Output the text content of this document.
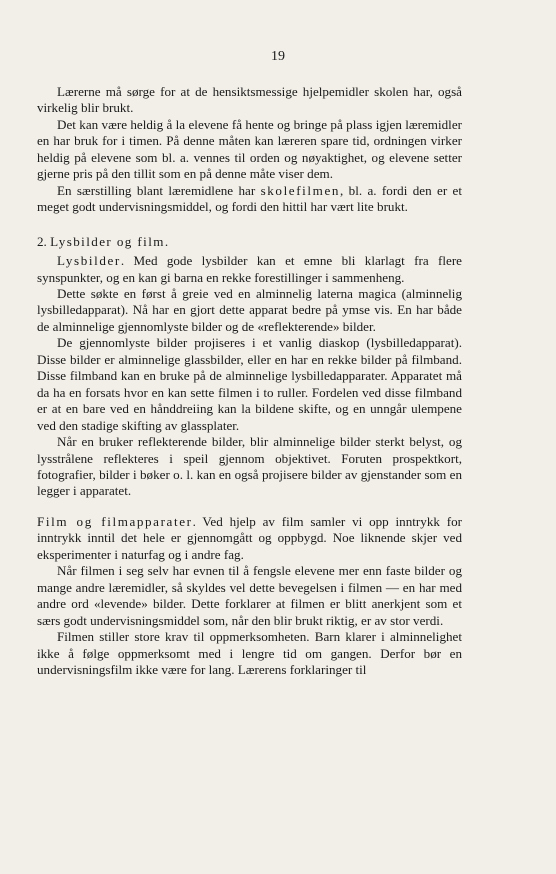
19

Lærerne må sørge for at de hensiktsmessige hjelpemidler skolen har, også virkelig blir brukt.

Det kan være heldig å la elevene få hente og bringe på plass igjen læremidler en har bruk for i timen. På denne måten kan læreren spare tid, ordningen virker heldig på elevene som bl. a. vennes til orden og nøyaktighet, og elevene setter gjerne pris på den tillit som en på denne måte viser dem.

En særstilling blant læremidlene har skolefilmen, bl. a. fordi den er et meget godt undervisningsmiddel, og fordi den hittil har vært lite brukt.

2. Lysbilder og film.

Lysbilder. Med gode lysbilder kan et emne bli klarlagt fra flere synspunkter, og en kan gi barna en rekke forestillinger i sammenheng.

Dette søkte en først å greie ved en alminnelig laterna magica (alminnelig lysbilledapparat). Nå har en gjort dette apparat bedre på ymse vis. En har både de alminnelige gjennomlyste bilder og de «reflekterende» bilder.

De gjennomlyste bilder projiseres i et vanlig diaskop (lysbilledapparat). Disse bilder er alminnelige glassbilder, eller en har en rekke bilder på filmband. Disse filmband kan en bruke på de alminnelige lysbilledapparater. Apparatet må da ha en forsats hvor en kan sette filmen i to ruller. Fordelen ved disse filmband er at en bare ved en hånddreiing kan la bildene skifte, og en unngår ulempene ved den stadige skifting av glassplater.

Når en bruker reflekterende bilder, blir alminnelige bilder sterkt belyst, og lysstrålene reflekteres i speil gjennom objektivet. Foruten prospektkort, fotografier, bilder i bøker o. l. kan en også projisere bilder av gjenstander som en legger i apparatet.

Film og filmapparater. Ved hjelp av film samler vi opp inntrykk for inntrykk inntil det hele er gjennomgått og oppbygd. Noe liknende skjer ved eksperimenter i naturfag og i andre fag.

Når filmen i seg selv har evnen til å fengsle elevene mer enn faste bilder og mange andre læremidler, så skyldes vel dette bevegelsen i filmen — en har med andre ord «levende» bilder. Dette forklarer at filmen er blitt anerkjent som et særs godt undervisningsmiddel som, når den blir brukt riktig, er av stor verdi.

Filmen stiller store krav til oppmerksomheten. Barn klarer i alminnelighet ikke å følge oppmerksomt med i lengre tid om gangen. Derfor bør en undervisningsfilm ikke være for lang. Lærerens forklaringer til
